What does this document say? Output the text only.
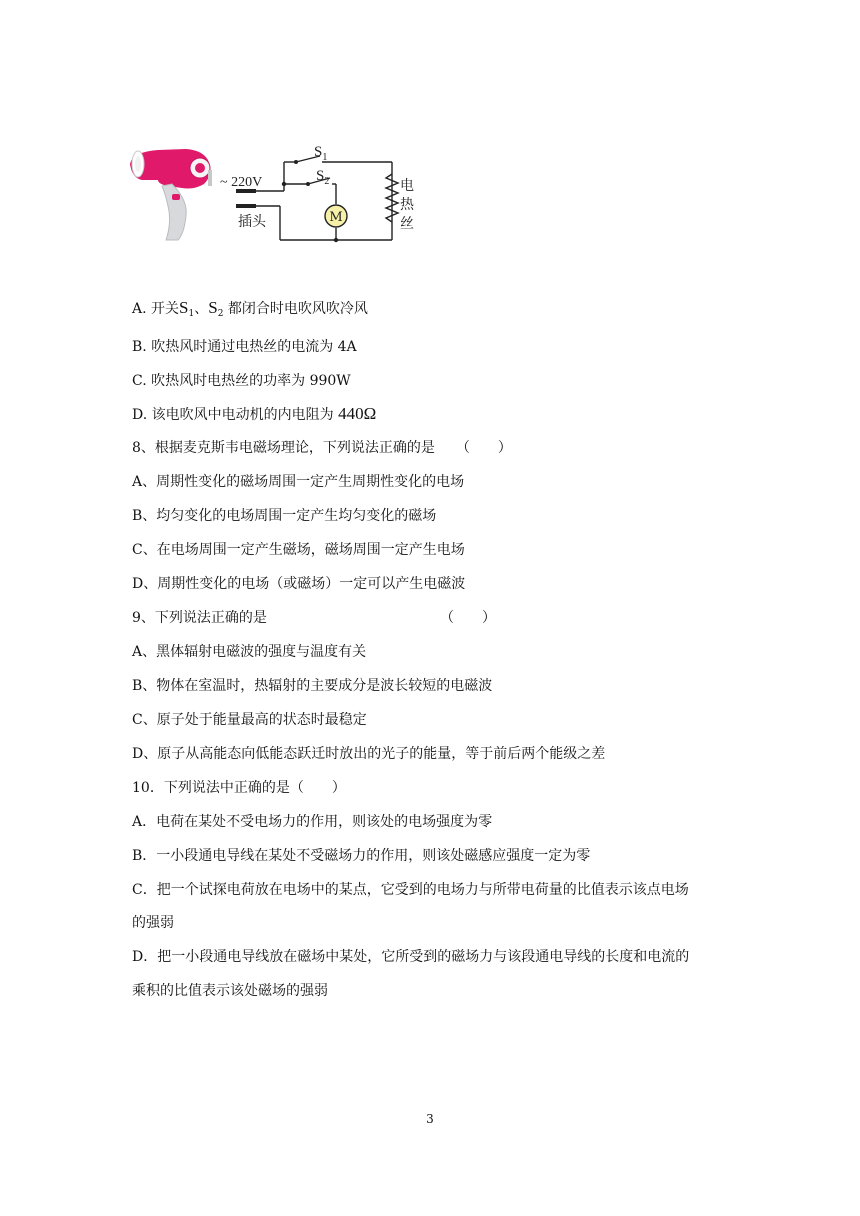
M
~ 220V
$S_1$
$S_2$	电
热
丝
插头
A. 开关$S_1$、$S_2$ 都闭合时电吹风吹冷风
B. 吹热风时通过电热丝的电流为 4A
C. 吹热风时电热丝的功率为 990W
D. 该电吹风中电动机的内电阻为 440Ω
8、根据麦克斯韦电磁场理论，下列说法正确的是　　（　　）
A、周期性变化的磁场周围一定产生周期性变化的电场
B、均匀变化的电场周围一定产生均匀变化的磁场
C、在电场周围一定产生磁场，磁场周围一定产生电场
D、周期性变化的电场（或磁场）一定可以产生电磁波
9、下列说法正确的是	（　　）
A、黑体辐射电磁波的强度与温度有关
B、物体在室温时，热辐射的主要成分是波长较短的电磁波
C、原子处于能量最高的状态时最稳定
D、原子从高能态向低能态跃迁时放出的光子的能量，等于前后两个能级之差
10．下列说法中正确的是（　　）
A．电荷在某处不受电场力的作用，则该处的电场强度为零
B．一小段通电导线在某处不受磁场力的作用，则该处磁感应强度一定为零
C．把一个试探电荷放在电场中的某点，它受到的电场力与所带电荷量的比值表示该点电场
的强弱
D．把一小段通电导线放在磁场中某处，它所受到的磁场力与该段通电导线的长度和电流的
乘积的比值表示该处磁场的强弱
3
